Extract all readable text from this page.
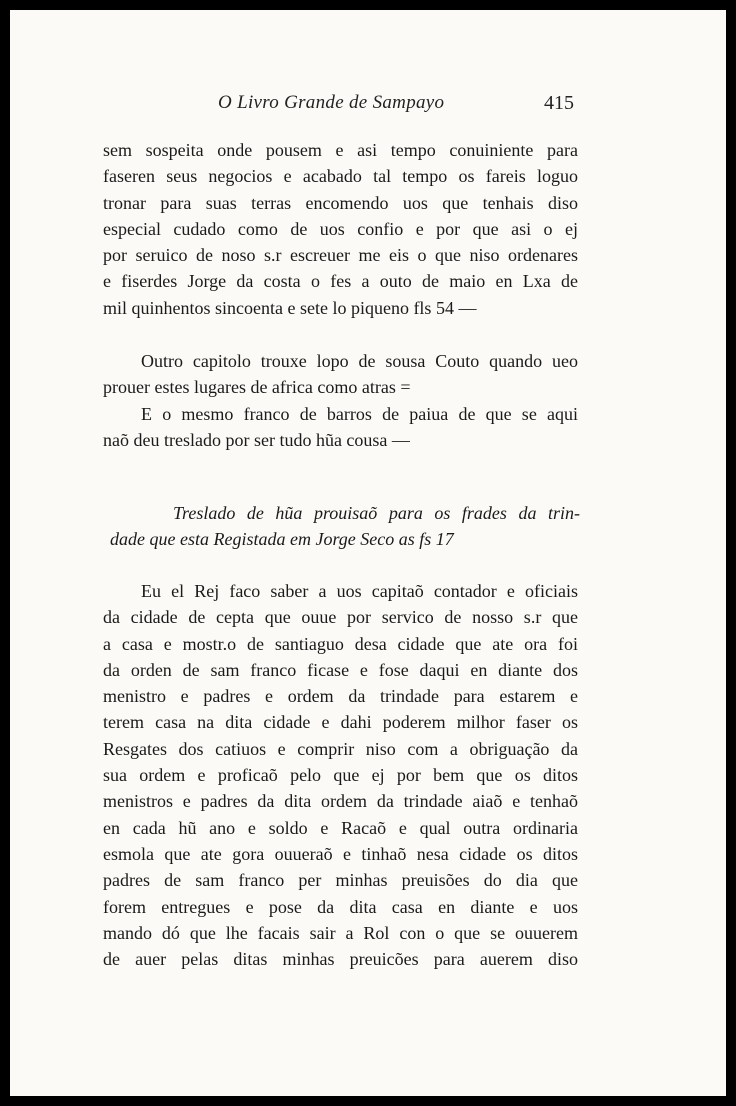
O Livro Grande de Sampayo	415
sem sospeita onde pousem e asi tempo conuiniente para
faseren seus negocios e acabado tal tempo os fareis loguo
tronar para suas terras encomendo uos que tenhais diso
especial cudado como de uos confio e por que asi o ej
por seruico de noso s.r escreuer me eis o que niso ordenares
e fiserdes Jorge da costa o fes a outo de maio en Lxa de
mil quinhentos sincoenta e sete lo piqueno fls 54 —
Outro capitolo trouxe lopo de sousa Couto quando ueo
prouer estes lugares de africa como atras =
E o mesmo franco de barros de paiua de que se aqui
naõ deu treslado por ser tudo hũa cousa —
Treslado de hũa prouisaõ para os frades da trin-
dade que esta Registada em Jorge Seco as fs 17
Eu el Rej faco saber a uos capitaõ contador e oficiais
da cidade de cepta que ouue por servico de nosso s.r que
a casa e mostr.o de santiaguo desa cidade que ate ora foi
da orden de sam franco ficase e fose daqui en diante dos
menistro e padres e ordem da trindade para estarem e
terem casa na dita cidade e dahi poderem milhor faser os
Resgates dos catiuos e comprir niso com a obriguação da
sua ordem e proficaõ pelo que ej por bem que os ditos
menistros e padres da dita ordem da trindade aiaõ e tenhaõ
en cada hũ ano e soldo e Racaõ e qual outra ordinaria
esmola que ate gora ouueraõ e tinhaõ nesa cidade os ditos
padres de sam franco per minhas preuisões do dia que
forem entregues e pose da dita casa en diante e uos
mando dó que lhe facais sair a Rol con o que se ouuerem
de auer pelas ditas minhas preuicões para auerem diso
